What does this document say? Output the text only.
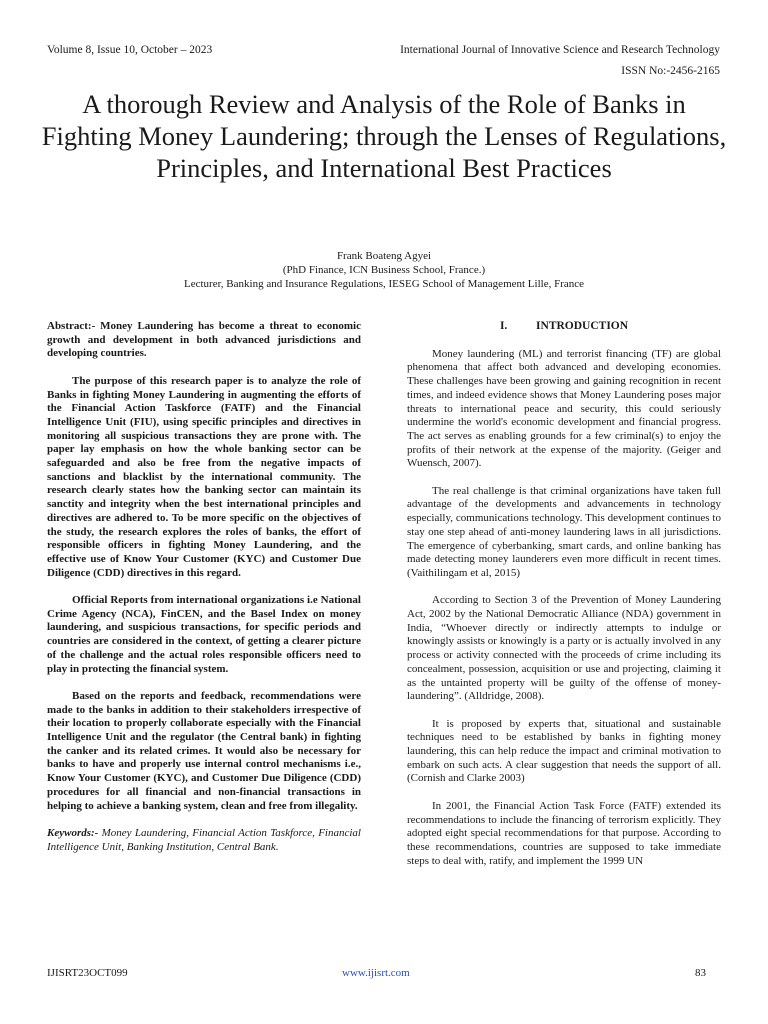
Volume 8, Issue 10, October – 2023	International Journal of Innovative Science and Research Technology
ISSN No:-2456-2165
A thorough Review and Analysis of the Role of Banks in Fighting Money Laundering; through the Lenses of Regulations, Principles, and International Best Practices
Frank Boateng Agyei
(PhD Finance, ICN Business School, France.)
Lecturer, Banking and Insurance Regulations, IESEG School of Management Lille, France

Abstract:- Money Laundering has become a threat to economic growth and development in both advanced jurisdictions and developing countries.

The purpose of this research paper is to analyze the role of Banks in fighting Money Laundering in augmenting the efforts of the Financial Action Taskforce (FATF) and the Financial Intelligence Unit (FIU), using specific principles and directives in monitoring all suspicious transactions they are prone with. The paper lay emphasis on how the whole banking sector can be safeguarded and also be free from the negative impacts of sanctions and blacklist by the international community. The research clearly states how the banking sector can maintain its sanctity and integrity when the best international principles and directives are adhered to. To be more specific on the objectives of the study, the research explores the roles of banks, the effort of responsible officers in fighting Money Laundering, and the effective use of Know Your Customer (KYC) and Customer Due Diligence (CDD) directives in this regard.

Official Reports from international organizations i.e National Crime Agency (NCA), FinCEN, and the Basel Index on money laundering, and suspicious transactions, for specific periods and countries are considered in the context, of getting a clearer picture of the challenge and the actual roles responsible officers need to play in protecting the financial system.

Based on the reports and feedback, recommendations were made to the banks in addition to their stakeholders irrespective of their location to properly collaborate especially with the Financial Intelligence Unit and the regulator (the Central bank) in fighting the canker and its related crimes. It would also be necessary for banks to have and properly use internal control mechanisms i.e., Know Your Customer (KYC), and Customer Due Diligence (CDD) procedures for all financial and non-financial transactions in helping to achieve a banking system, clean and free from illegality.

Keywords:- Money Laundering, Financial Action Taskforce, Financial Intelligence Unit, Banking Institution, Central Bank.

I.          INTRODUCTION

Money laundering (ML) and terrorist financing (TF) are global phenomena that affect both advanced and developing economies. These challenges have been growing and gaining recognition in recent times, and indeed evidence shows that Money Laundering poses major threats to international peace and security, this could seriously undermine the world's economic development and financial progress. The act serves as enabling grounds for a few criminal(s) to enjoy the profits of their network at the expense of the majority. (Geiger and Wuensch, 2007).

The real challenge is that criminal organizations have taken full advantage of the developments and advancements in technology especially, communications technology. This development continues to stay one step ahead of anti-money laundering laws in all jurisdictions. The emergence of cyberbanking, smart cards, and online banking has made detecting money launderers even more difficult in recent times. (Vaithilingam et al, 2015)

According to Section 3 of the Prevention of Money Laundering Act, 2002 by the National Democratic Alliance (NDA) government in India, “Whoever directly or indirectly attempts to indulge or knowingly assists or knowingly is a party or is actually involved in any process or activity connected with the proceeds of crime including its concealment, possession, acquisition or use and projecting, claiming it as the untainted property will be guilty of the offense of money-laundering”. (Alldridge, 2008).

It is proposed by experts that, situational and sustainable techniques need to be established by banks in fighting money laundering, this can help reduce the impact and criminal motivation to embark on such acts. A clear suggestion that needs the support of all. (Cornish and Clarke 2003)

In 2001, the Financial Action Task Force (FATF) extended its recommendations to include the financing of terrorism explicitly. They adopted eight special recommendations for that purpose. According to these recommendations, countries are supposed to take immediate steps to deal with, ratify, and implement the 1999 UN

IJISRT23OCT099	www.ijisrt.com	83
